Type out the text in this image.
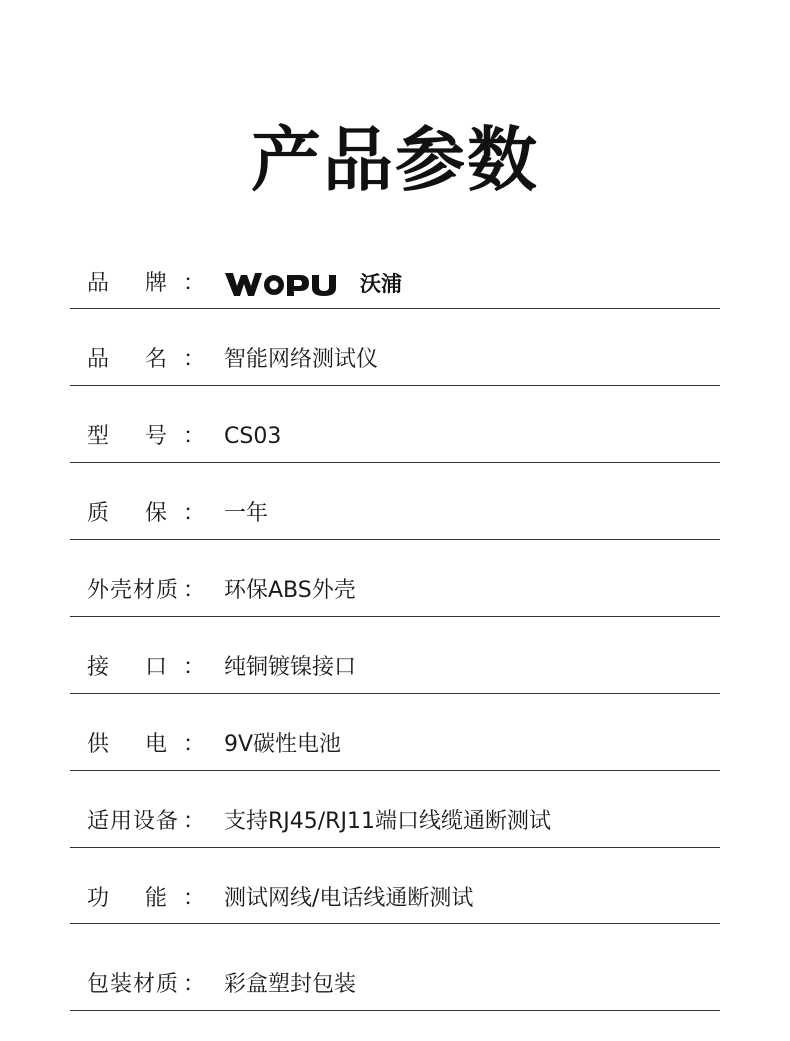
产品参数
品 牌 ：	沃浦
品 名 ： 智能网络测试仪
型 号 ： CS03
质 保 ： 一年
外壳材质 ： 环保ABS外壳
接 口 ： 纯铜镀镍接口
供 电 ： 9V碳性电池
适用设备 ： 支持RJ45/RJ11端口线缆通断测试
功 能 ： 测试网线/电话线通断测试
包装材质 ： 彩盒塑封包装
